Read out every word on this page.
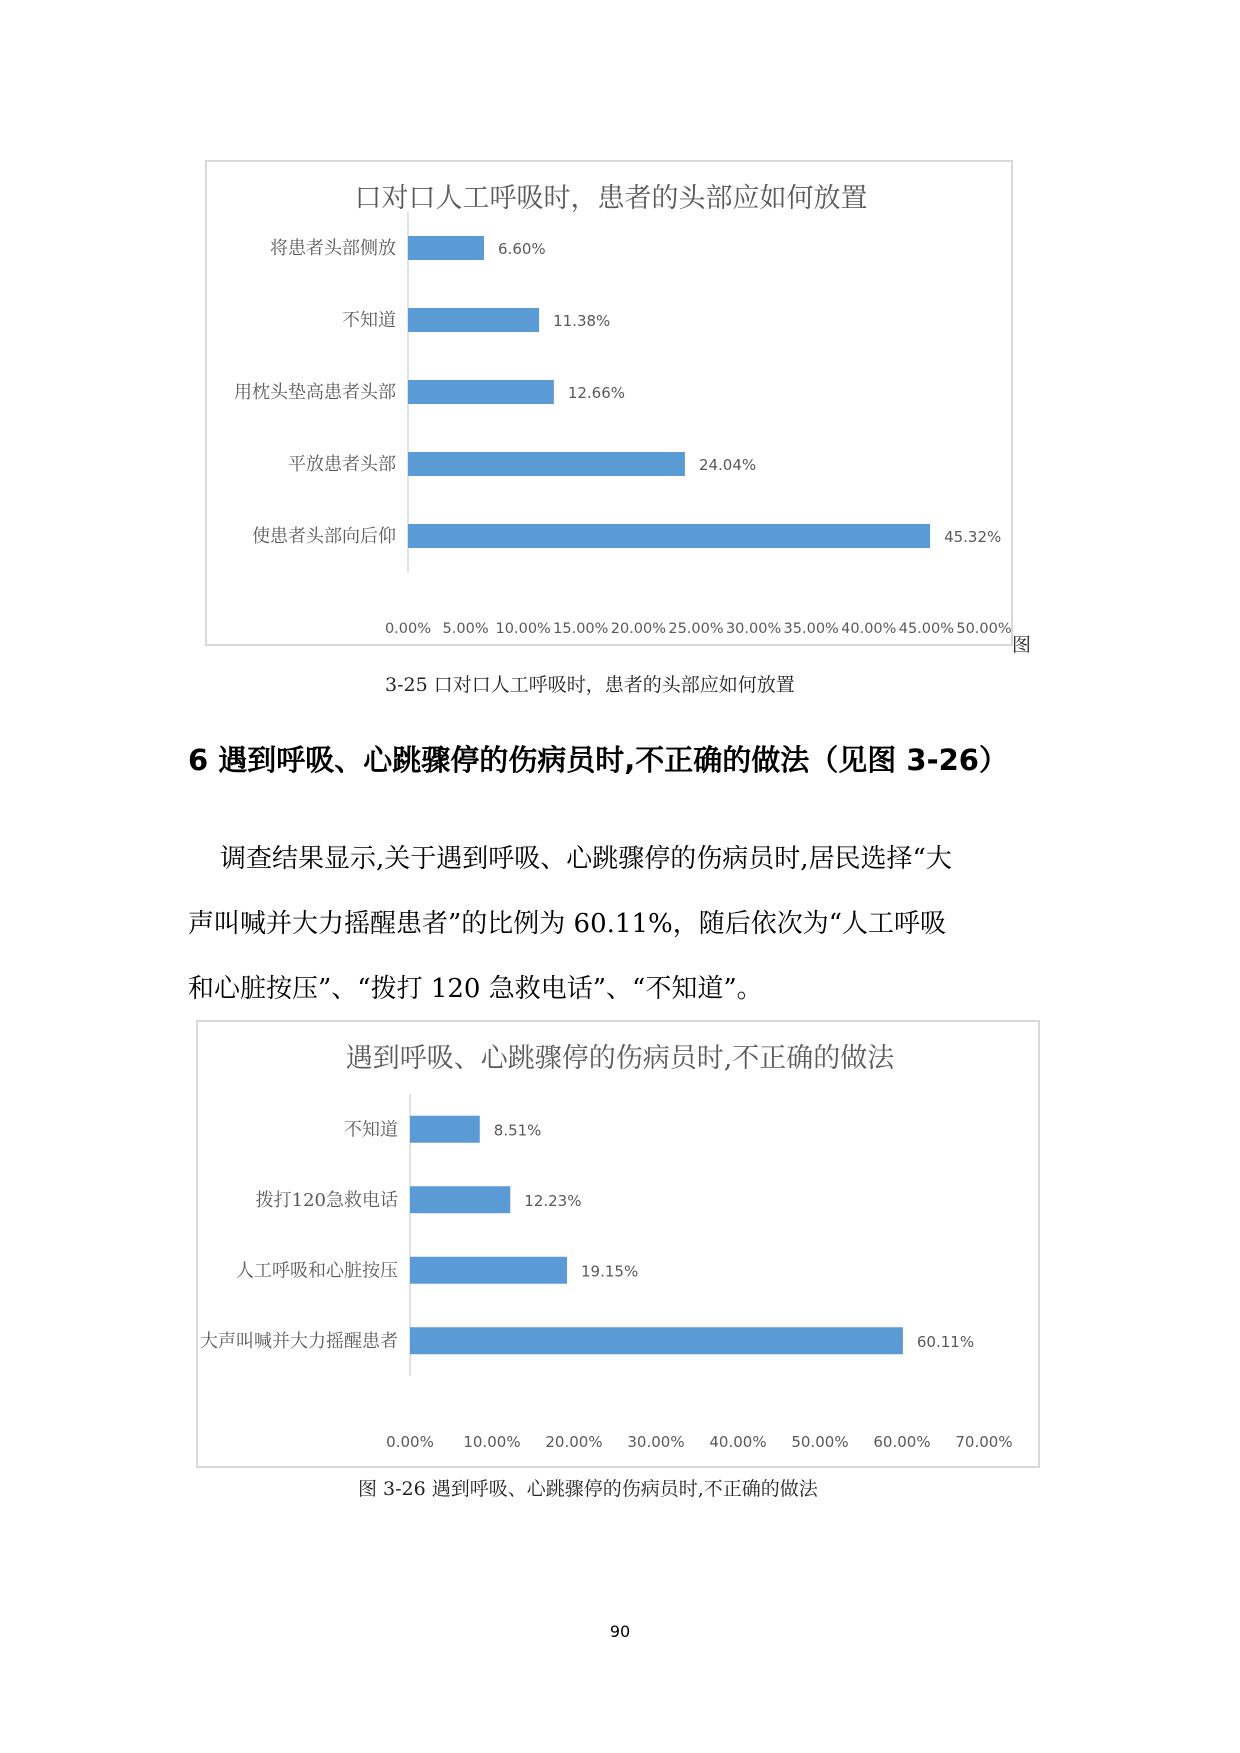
口对口人工呼吸时，患者的头部应如何放置
将患者头部侧放	6.60%
不知道	11.38%
用枕头垫高患者头部	12.66%
平放患者头部	24.04%
使患者头部向后仰	45.32%
0.00% 5.00% 10.00% 15.00% 20.00% 25.00% 30.00% 35.00% 40.00% 45.00% 50.00%
图
3-25 口对口人工呼吸时，患者的头部应如何放置
6 遇到呼吸、心跳骤停的伤病员时,不正确的做法（见图 3-26）
调查结果显示,关于遇到呼吸、心跳骤停的伤病员时,居民选择“大
声叫喊并大力摇醒患者”的比例为 60.11%，随后依次为“人工呼吸
和心脏按压”、“拨打 120 急救电话”、“不知道”。
遇到呼吸、心跳骤停的伤病员时,不正确的做法
不知道	8.51%
拨打120急救电话	12.23%
人工呼吸和心脏按压	19.15%
大声叫喊并大力摇醒患者	60.11%
0.00% 10.00% 20.00% 30.00% 40.00% 50.00% 60.00% 70.00%
图 3-26 遇到呼吸、心跳骤停的伤病员时,不正确的做法
90
